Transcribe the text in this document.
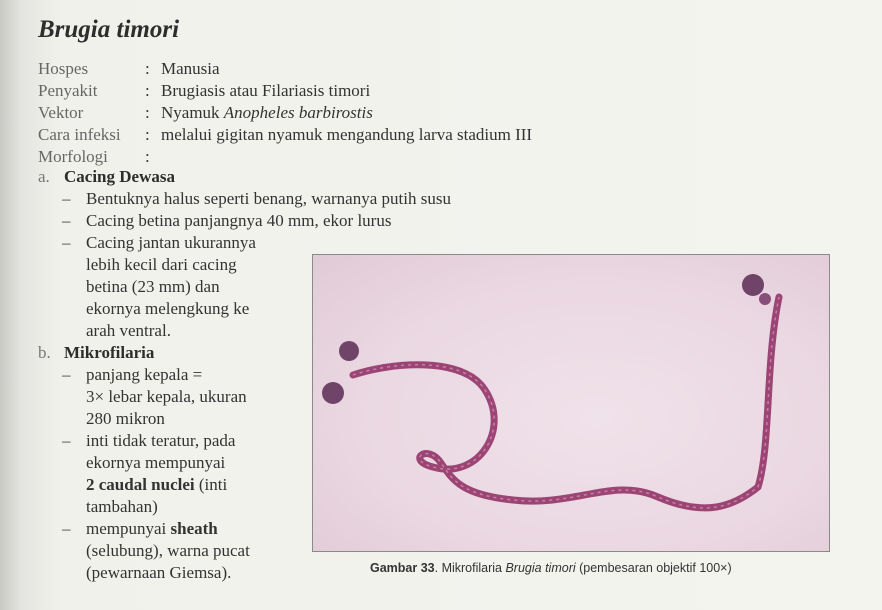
Brugia timori
Hospes	: Manusia
Penyakit	: Brugiasis atau Filariasis timori
Vektor	: Nyamuk Anopheles barbirostis
Cara infeksi	: melalui gigitan nyamuk mengandung larva stadium III
Morfologi	:
a. Cacing Dewasa
– Bentuknya halus seperti benang, warnanya putih susu
– Cacing betina panjangnya 40 mm, ekor lurus
– Cacing jantan ukurannya
lebih kecil dari cacing
betina (23 mm) dan
ekornya melengkung ke
arah ventral.
b. Mikrofilaria
– panjang kepala =
3× lebar kepala, ukuran
280 mikron
– inti tidak teratur, pada
ekornya mempunyai
2 caudal nuclei (inti
tambahan)
– mempunyai sheath
(selubung), warna pucat
(pewarnaan Giemsa).	Gambar 33. Mikrofilaria Brugia timori (pembesaran objektif 100×)
